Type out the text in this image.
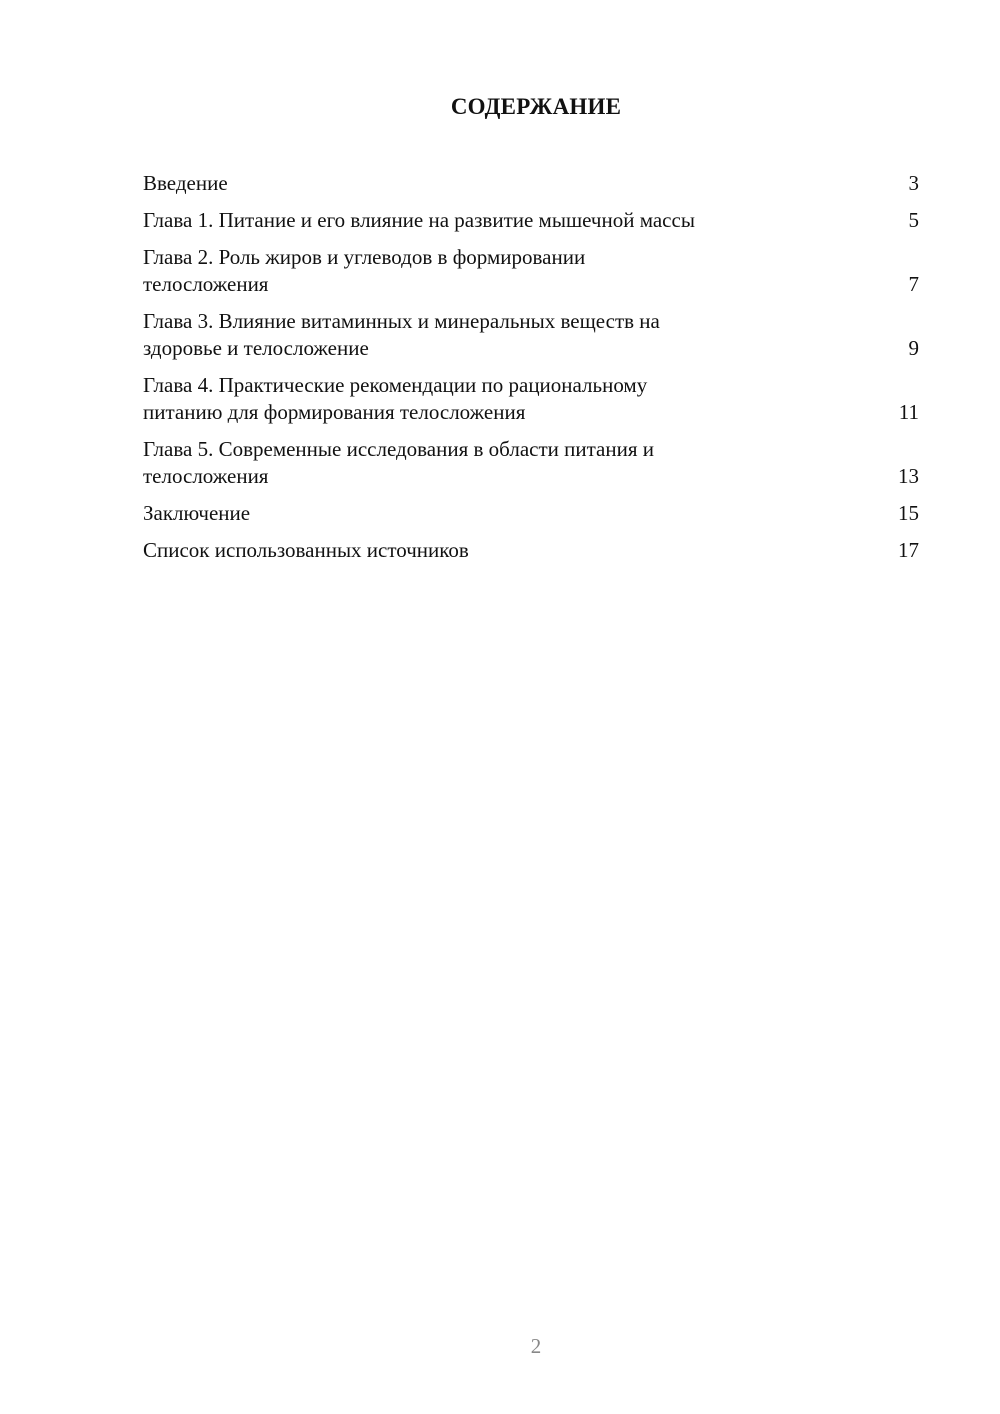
СОДЕРЖАНИЕ
Введение	3
Глава 1. Питание и его влияние на развитие мышечной массы	5
Глава 2. Роль жиров и углеводов в формировании
телосложения	7
Глава 3. Влияние витаминных и минеральных веществ на
здоровье и телосложение	9
Глава 4. Практические рекомендации по рациональному
питанию для формирования телосложения	11
Глава 5. Современные исследования в области питания и
телосложения	13
Заключение	15
Список использованных источников	17
2
